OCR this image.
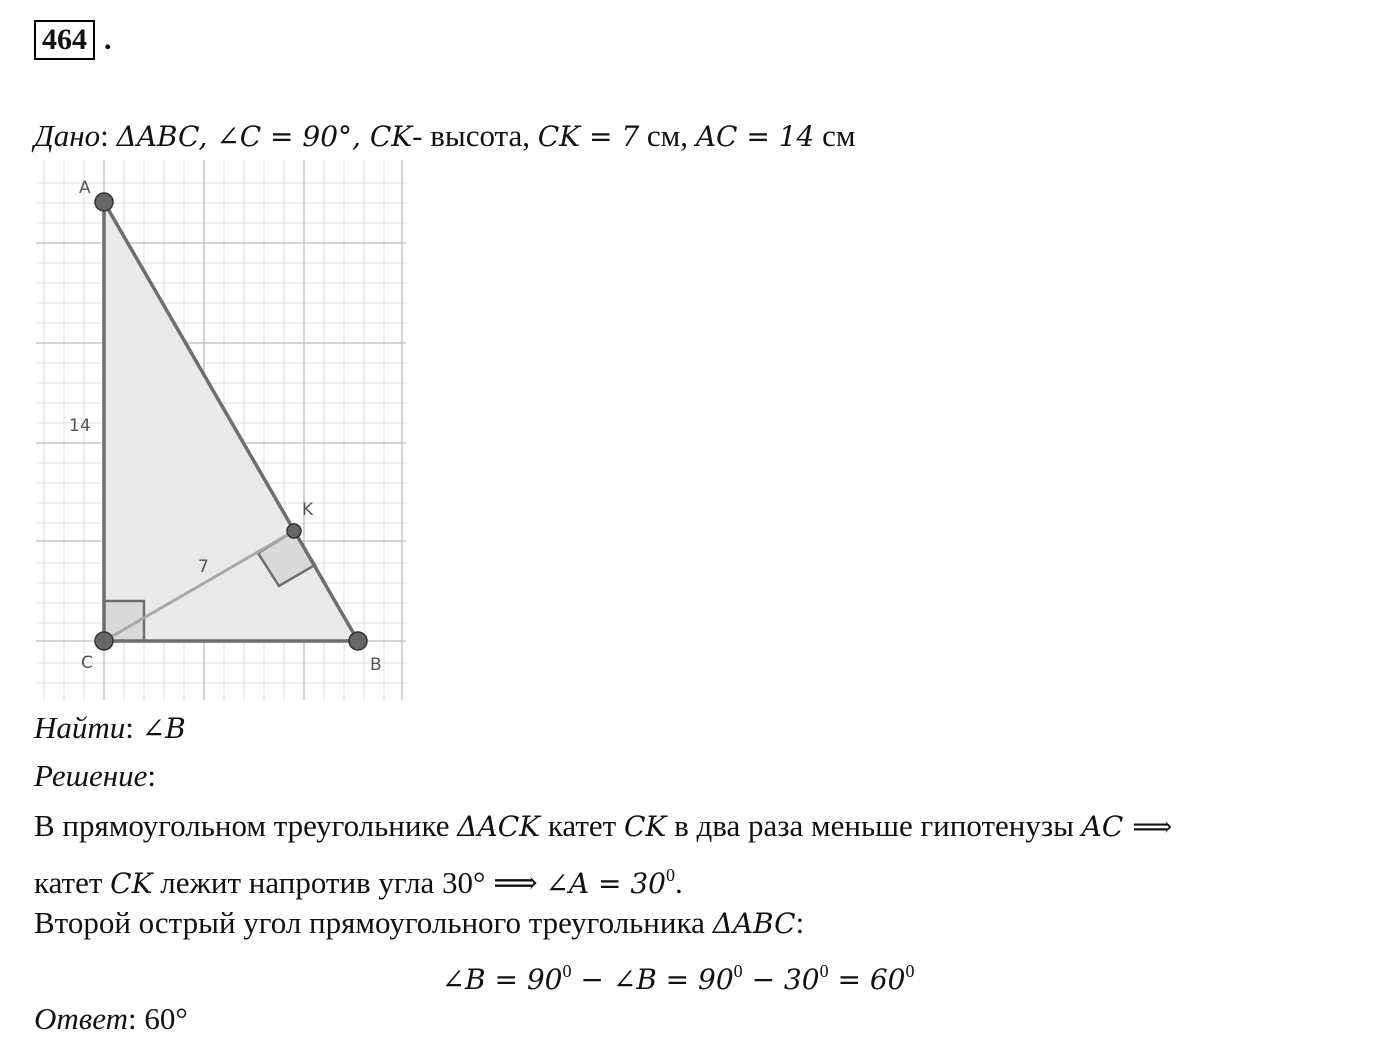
464 .
Дано: ΔABC, ∠C = 90°, CK- высота, CK = 7 см, AC = 14 см
A
B
C
K
14
7
Найти: ∠B
Решение:
В прямоугольном треугольнике ΔACK катет CK в два раза меньше гипотенузы AC ⟹
катет CK лежит напротив угла 30° ⟹ ∠A = $30^0$.
Второй острый угол прямоугольного треугольника ΔABC:
∠B = $90^0$ − ∠B = $90^0 - 30^0 = 60^0$
Ответ: 60°
